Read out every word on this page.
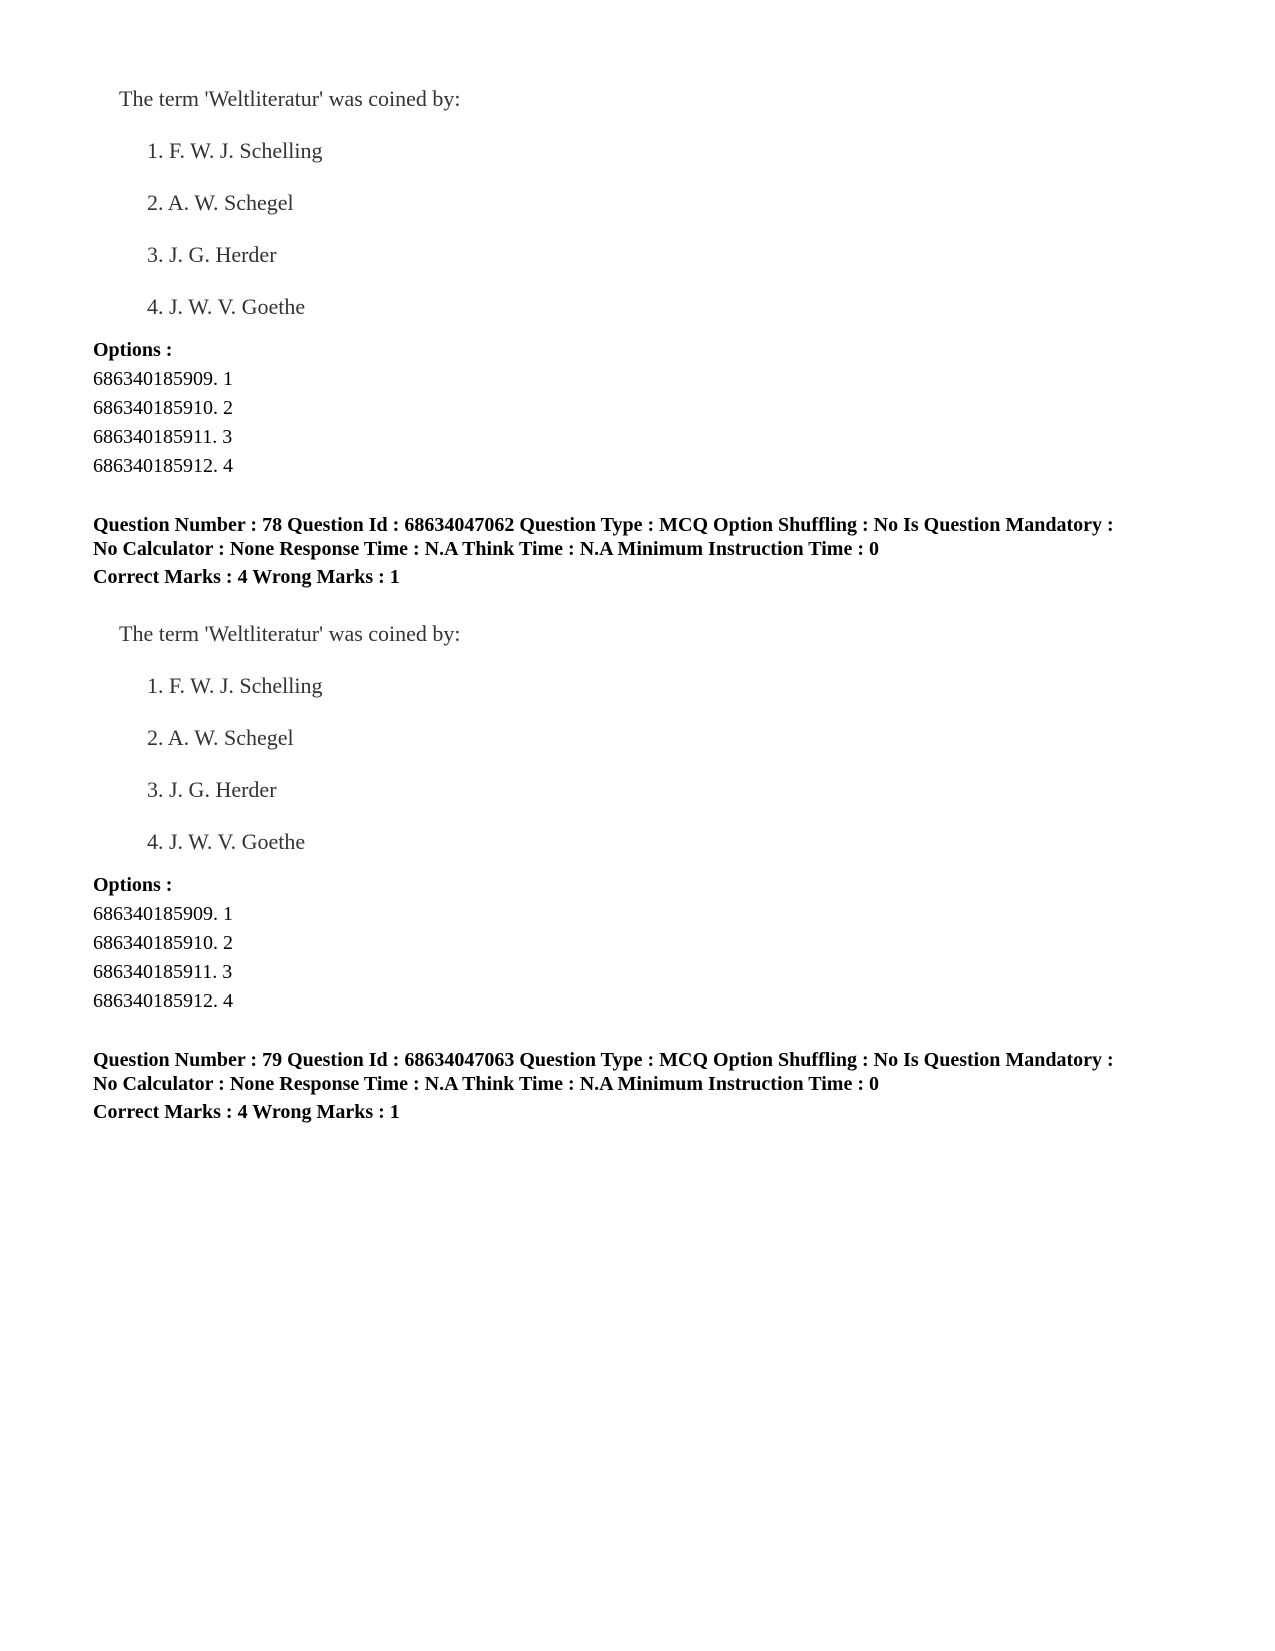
The term 'Weltliteratur' was coined by:
1. F. W. J. Schelling
2. A. W. Schegel
3. J. G. Herder
4. J. W. V. Goethe
Options :
686340185909. 1
686340185910. 2
686340185911. 3
686340185912. 4
Question Number : 78 Question Id : 68634047062 Question Type : MCQ Option Shuffling : No Is Question Mandatory :
No Calculator : None Response Time : N.A Think Time : N.A Minimum Instruction Time : 0
Correct Marks : 4 Wrong Marks : 1
The term 'Weltliteratur' was coined by:
1. F. W. J. Schelling
2. A. W. Schegel
3. J. G. Herder
4. J. W. V. Goethe
Options :
686340185909. 1
686340185910. 2
686340185911. 3
686340185912. 4
Question Number : 79 Question Id : 68634047063 Question Type : MCQ Option Shuffling : No Is Question Mandatory :
No Calculator : None Response Time : N.A Think Time : N.A Minimum Instruction Time : 0
Correct Marks : 4 Wrong Marks : 1
